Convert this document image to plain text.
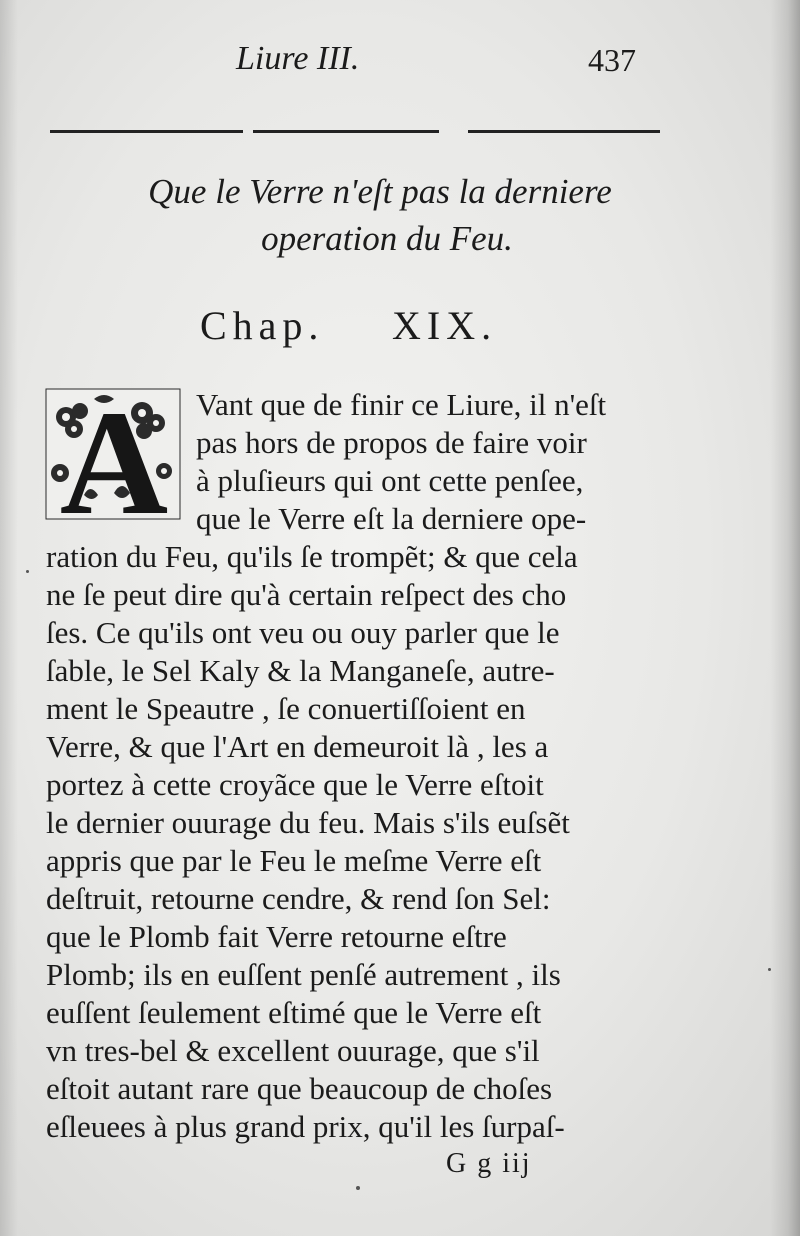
Liure III.	437
Que le Verre n'eſt pas la derniere
operation du Feu.
Chap. XIX.
A Vant que de finir ce Liure, il n'eſt
pas hors de propos de faire voir
à pluſieurs qui ont cette penſee,
que le Verre eſt la derniere ope-
ration du Feu, qu'ils ſe trompẽt; & que cela
ne ſe peut dire qu'à certain reſpect des cho
ſes. Ce qu'ils ont veu ou ouy parler que le
ſable, le Sel Kaly & la Manganeſe, autre-
ment le Speautre , ſe conuertiſſoient en
Verre, & que l'Art en demeuroit là , les a
portez à cette croyãce que le Verre eſtoit
le dernier ouurage du feu. Mais s'ils euſsẽt
appris que par le Feu le meſme Verre eſt
deſtruit, retourne cendre, & rend ſon Sel:
que le Plomb fait Verre retourne eſtre
Plomb; ils en euſſent penſé autrement , ils
euſſent ſeulement eſtimé que le Verre eſt
vn tres-bel & excellent ouurage, que s'il
eſtoit autant rare que beaucoup de choſes
eſleuees à plus grand prix, qu'il les ſurpaſ-
G g iij
